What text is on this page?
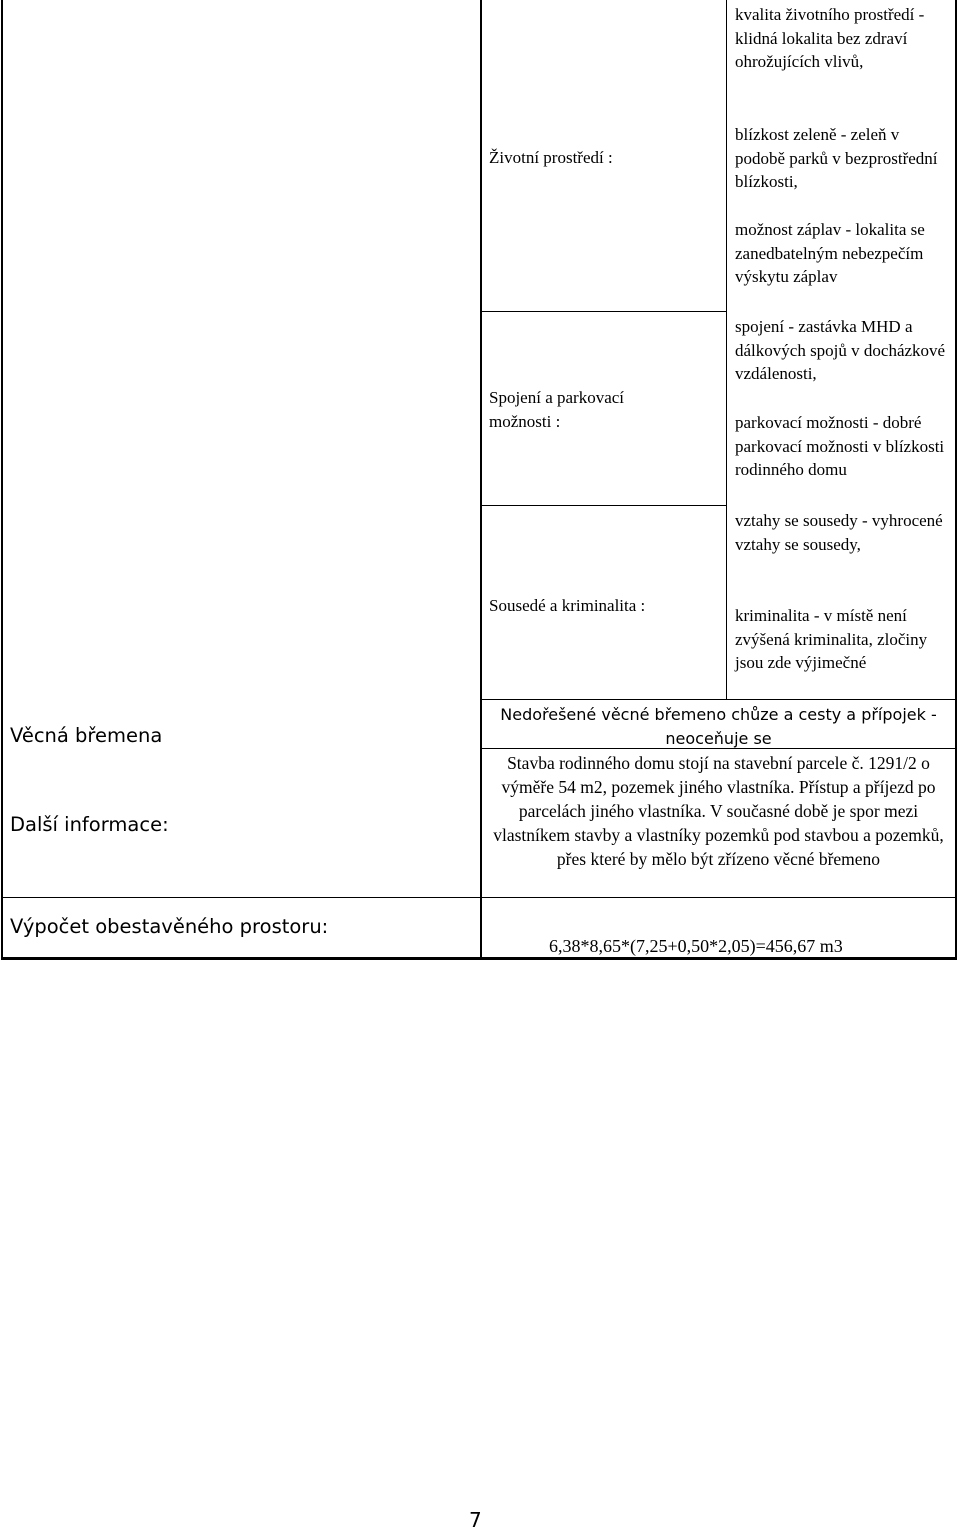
Životní prostředí :
kvalita životního prostředí - klidná lokalita bez zdraví ohrožujících vlivů,
blízkost zeleně - zeleň v podobě parků v bezprostřední blízkosti,
možnost záplav - lokalita se zanedbatelným nebezpečím výskytu záplav
Spojení a parkovací možnosti :
spojení - zastávka MHD a dálkových spojů v docházkové vzdálenosti,
parkovací možnosti - dobré parkovací možnosti v blízkosti rodinného domu
Sousedé a kriminalita :
vztahy se sousedy - vyhrocené vztahy se sousedy,
kriminalita - v místě není zvýšená kriminalita, zločiny jsou zde výjimečné
Věcná břemena
Nedořešené věcné břemeno chůze a cesty a přípojek - neoceňuje se
Další informace:
Stavba rodinného domu stojí na stavební parcele č. 1291/2 o výměře 54 m2, pozemek jiného vlastníka. Přístup a příjezd po parcelách jiného vlastníka. V současné době je spor mezi vlastníkem stavby a vlastníky pozemků pod stavbou a pozemků, přes které by mělo být zřízeno věcné břemeno
Výpočet obestavěného prostoru:
6,38*8,65*(7,25+0,50*2,05)=456,67 m3
7
